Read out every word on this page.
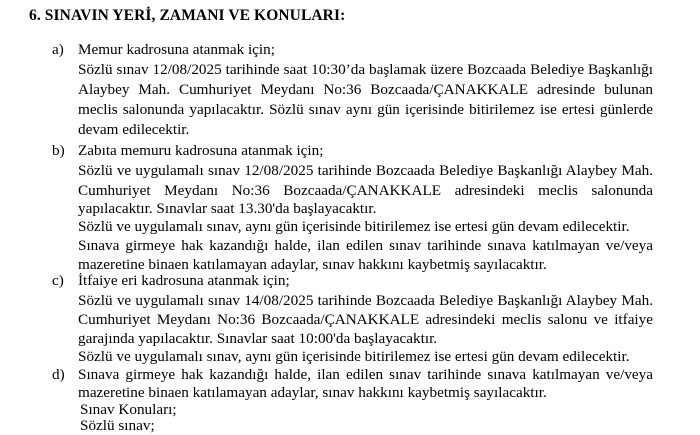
6. SINAVIN YERİ, ZAMANI VE KONULARI:
a) Memur kadrosuna atanmak için;
Sözlü sınav 12/08/2025 tarihinde saat 10:30’da başlamak üzere Bozcaada Belediye Başkanlığı
Alaybey Mah. Cumhuriyet Meydanı No:36 Bozcaada/ÇANAKKALE adresinde bulunan
meclis salonunda yapılacaktır. Sözlü sınav aynı gün içerisinde bitirilemez ise ertesi günlerde
devam edilecektir.
b) Zabıta memuru kadrosuna atanmak için;
Sözlü ve uygulamalı sınav 12/08/2025 tarihinde Bozcaada Belediye Başkanlığı Alaybey Mah.
Cumhuriyet Meydanı No:36 Bozcaada/ÇANAKKALE adresindeki meclis salonunda
yapılacaktır. Sınavlar saat 13.30'da başlayacaktır.
Sözlü ve uygulamalı sınav, aynı gün içerisinde bitirilemez ise ertesi gün devam edilecektir.
Sınava girmeye hak kazandığı halde, ilan edilen sınav tarihinde sınava katılmayan ve/veya
mazeretine binaen katılamayan adaylar, sınav hakkını kaybetmiş sayılacaktır.
c) İtfaiye eri kadrosuna atanmak için;
Sözlü ve uygulamalı sınav 14/08/2025 tarihinde Bozcaada Belediye Başkanlığı Alaybey Mah.
Cumhuriyet Meydanı No:36 Bozcaada/ÇANAKKALE adresindeki meclis salonu ve itfaiye
garajında yapılacaktır. Sınavlar saat 10:00'da başlayacaktır.
Sözlü ve uygulamalı sınav, aynı gün içerisinde bitirilemez ise ertesi gün devam edilecektir.
d) Sınava girmeye hak kazandığı halde, ilan edilen sınav tarihinde sınava katılmayan ve/veya
mazeretine binaen katılamayan adaylar, sınav hakkını kaybetmiş sayılacaktır.
Sınav Konuları;
Sözlü sınav;
